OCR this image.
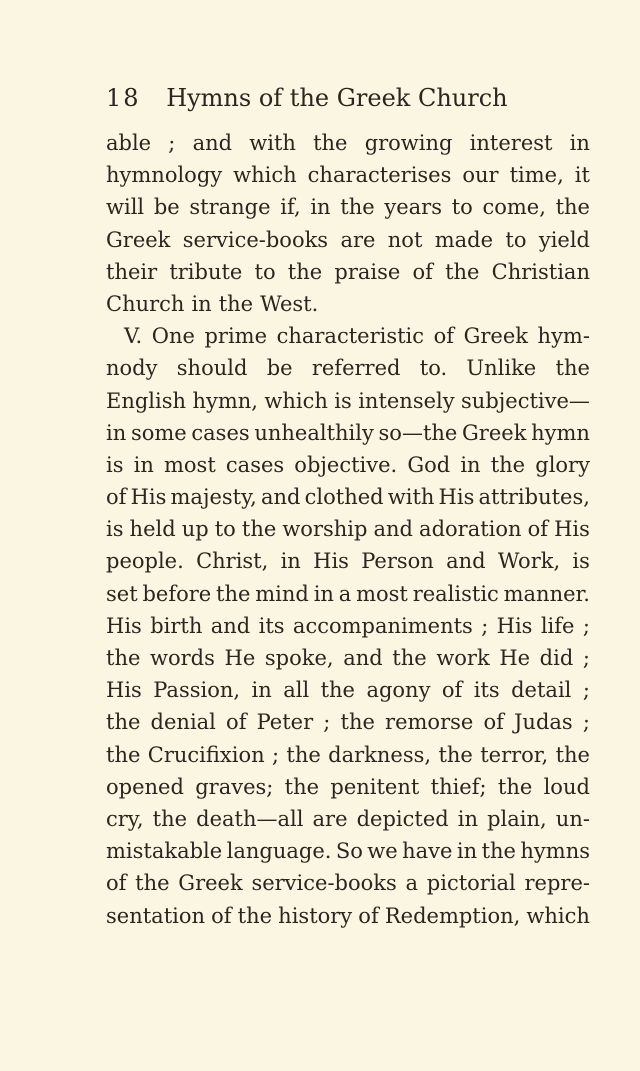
18 Hymns of the Greek Church
able ; and with the growing interest in
hymnology which characterises our time, it
will be strange if, in the years to come, the
Greek service-books are not made to yield
their tribute to the praise of the Christian
Church in the West.
V. One prime characteristic of Greek hym-
nody should be referred to. Unlike the
English hymn, which is intensely subjective—
in some cases unhealthily so—the Greek hymn
is in most cases objective. God in the glory
of His majesty, and clothed with His attributes,
is held up to the worship and adoration of His
people. Christ, in His Person and Work, is
set before the mind in a most realistic manner.
His birth and its accompaniments ; His life ;
the words He spoke, and the work He did ;
His Passion, in all the agony of its detail ;
the denial of Peter ; the remorse of Judas ;
the Crucifixion ; the darkness, the terror, the
opened graves; the penitent thief; the loud
cry, the death—all are depicted in plain, un-
mistakable language. So we have in the hymns
of the Greek service-books a pictorial repre-
sentation of the history of Redemption, which
